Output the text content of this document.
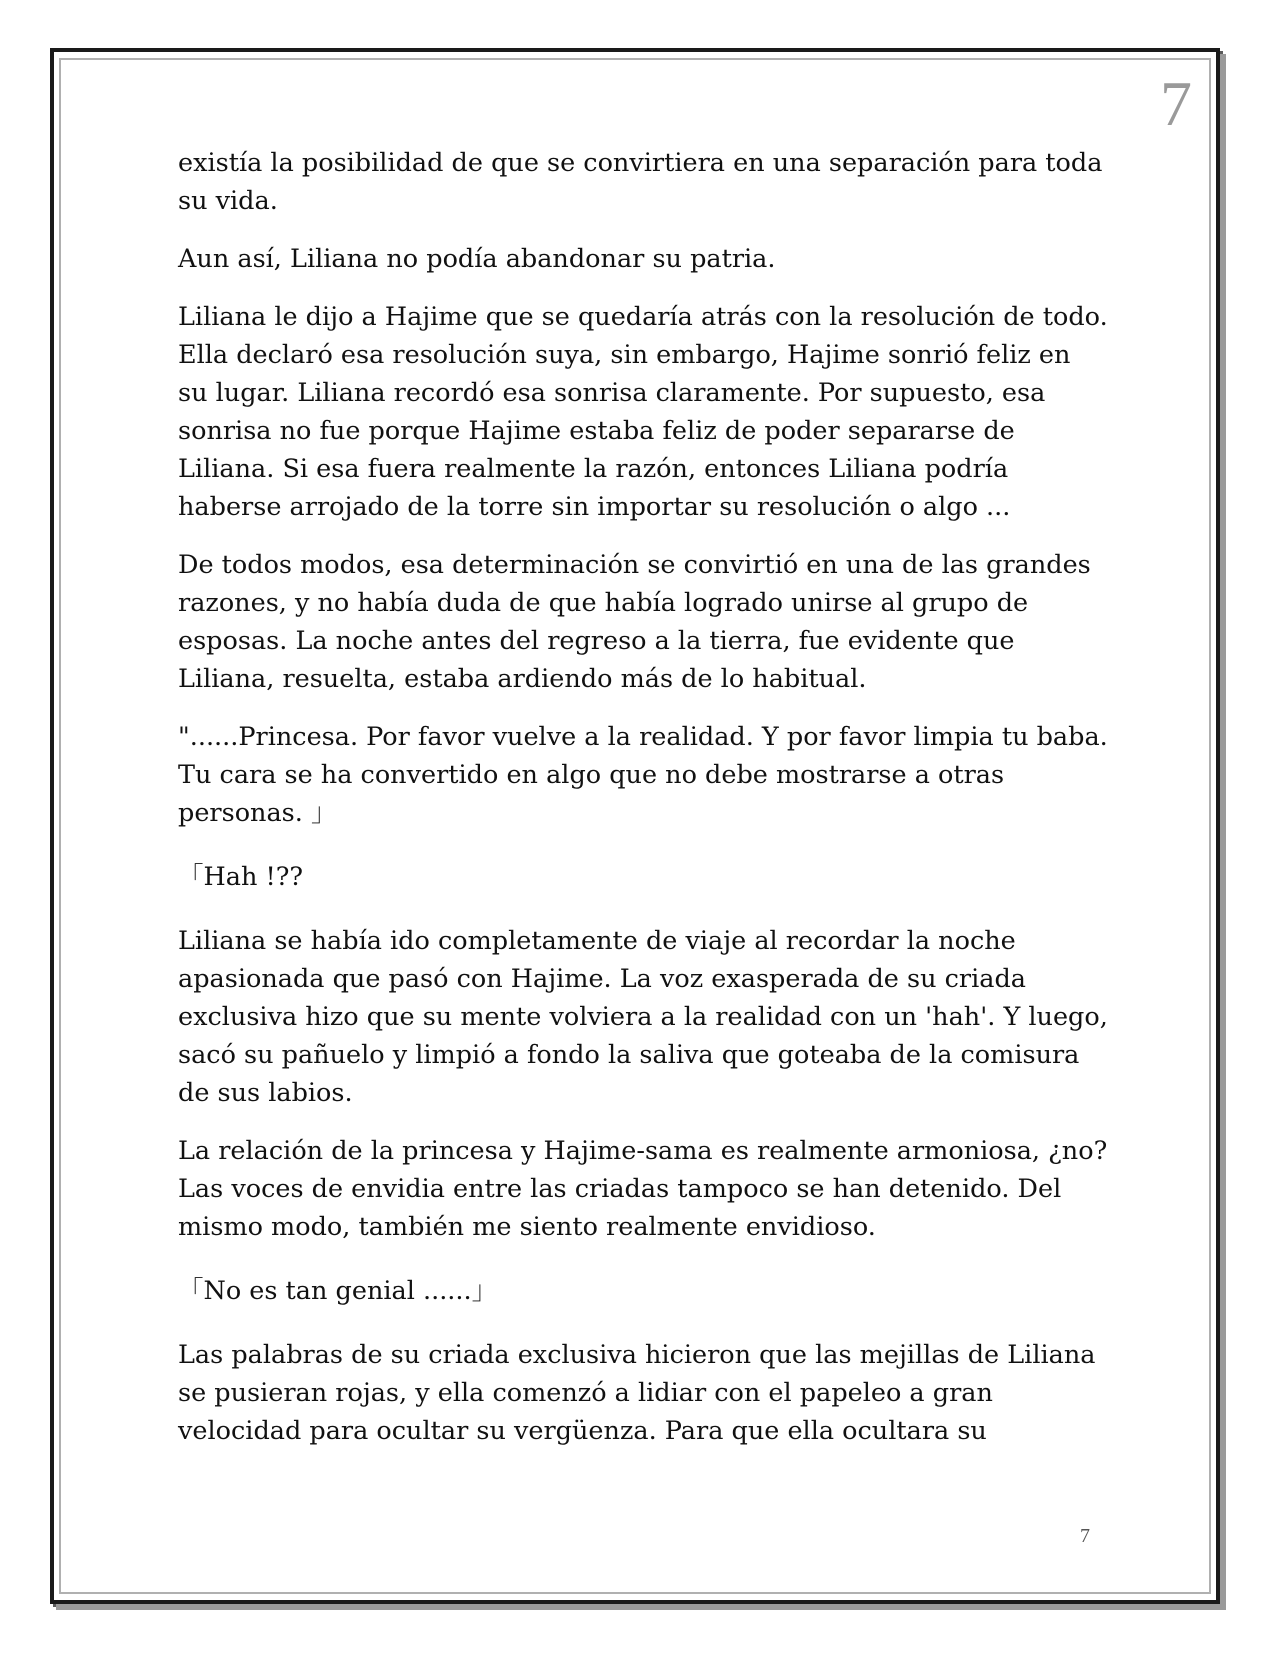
7

existía la posibilidad de que se convirtiera en una separación para toda su vida.

Aun así, Liliana no podía abandonar su patria.

Liliana le dijo a Hajime que se quedaría atrás con la resolución de todo. Ella declaró esa resolución suya, sin embargo, Hajime sonrió feliz en su lugar. Liliana recordó esa sonrisa claramente. Por supuesto, esa sonrisa no fue porque Hajime estaba feliz de poder separarse de Liliana. Si esa fuera realmente la razón, entonces Liliana podría haberse arrojado de la torre sin importar su resolución o algo ...

De todos modos, esa determinación se convirtió en una de las grandes razones, y no había duda de que había logrado unirse al grupo de esposas. La noche antes del regreso a la tierra, fue evidente que Liliana, resuelta, estaba ardiendo más de lo habitual.

"......Princesa. Por favor vuelve a la realidad. Y por favor limpia tu baba. Tu cara se ha convertido en algo que no debe mostrarse a otras personas. 」

「Hah !??

Liliana se había ido completamente de viaje al recordar la noche apasionada que pasó con Hajime. La voz exasperada de su criada exclusiva hizo que su mente volviera a la realidad con un 'hah'. Y luego, sacó su pañuelo y limpió a fondo la saliva que goteaba de la comisura de sus labios.

La relación de la princesa y Hajime-sama es realmente armoniosa, ¿no? Las voces de envidia entre las criadas tampoco se han detenido. Del mismo modo, también me siento realmente envidioso.

「No es tan genial ......」

Las palabras de su criada exclusiva hicieron que las mejillas de Liliana se pusieran rojas, y ella comenzó a lidiar con el papeleo a gran velocidad para ocultar su vergüenza. Para que ella ocultara su

7
